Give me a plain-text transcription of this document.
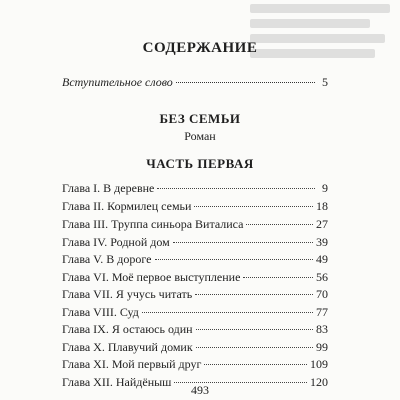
СОДЕРЖАНИЕ
Вступительное слово	5
БЕЗ СЕМЬИ
Роман
ЧАСТЬ ПЕРВАЯ
Глава I. В деревне	9
Глава II. Кормилец семьи	18
Глава III. Труппа синьора Виталиса	27
Глава IV. Родной дом	39
Глава V. В дороге	49
Глава VI. Моё первое выступление	56
Глава VII. Я учусь читать	70
Глава VIII. Суд	77
Глава IX. Я остаюсь один	83
Глава X. Плавучий домик	99
Глава XI. Мой первый друг	109
Глава XII. Найдёныш	120
493
